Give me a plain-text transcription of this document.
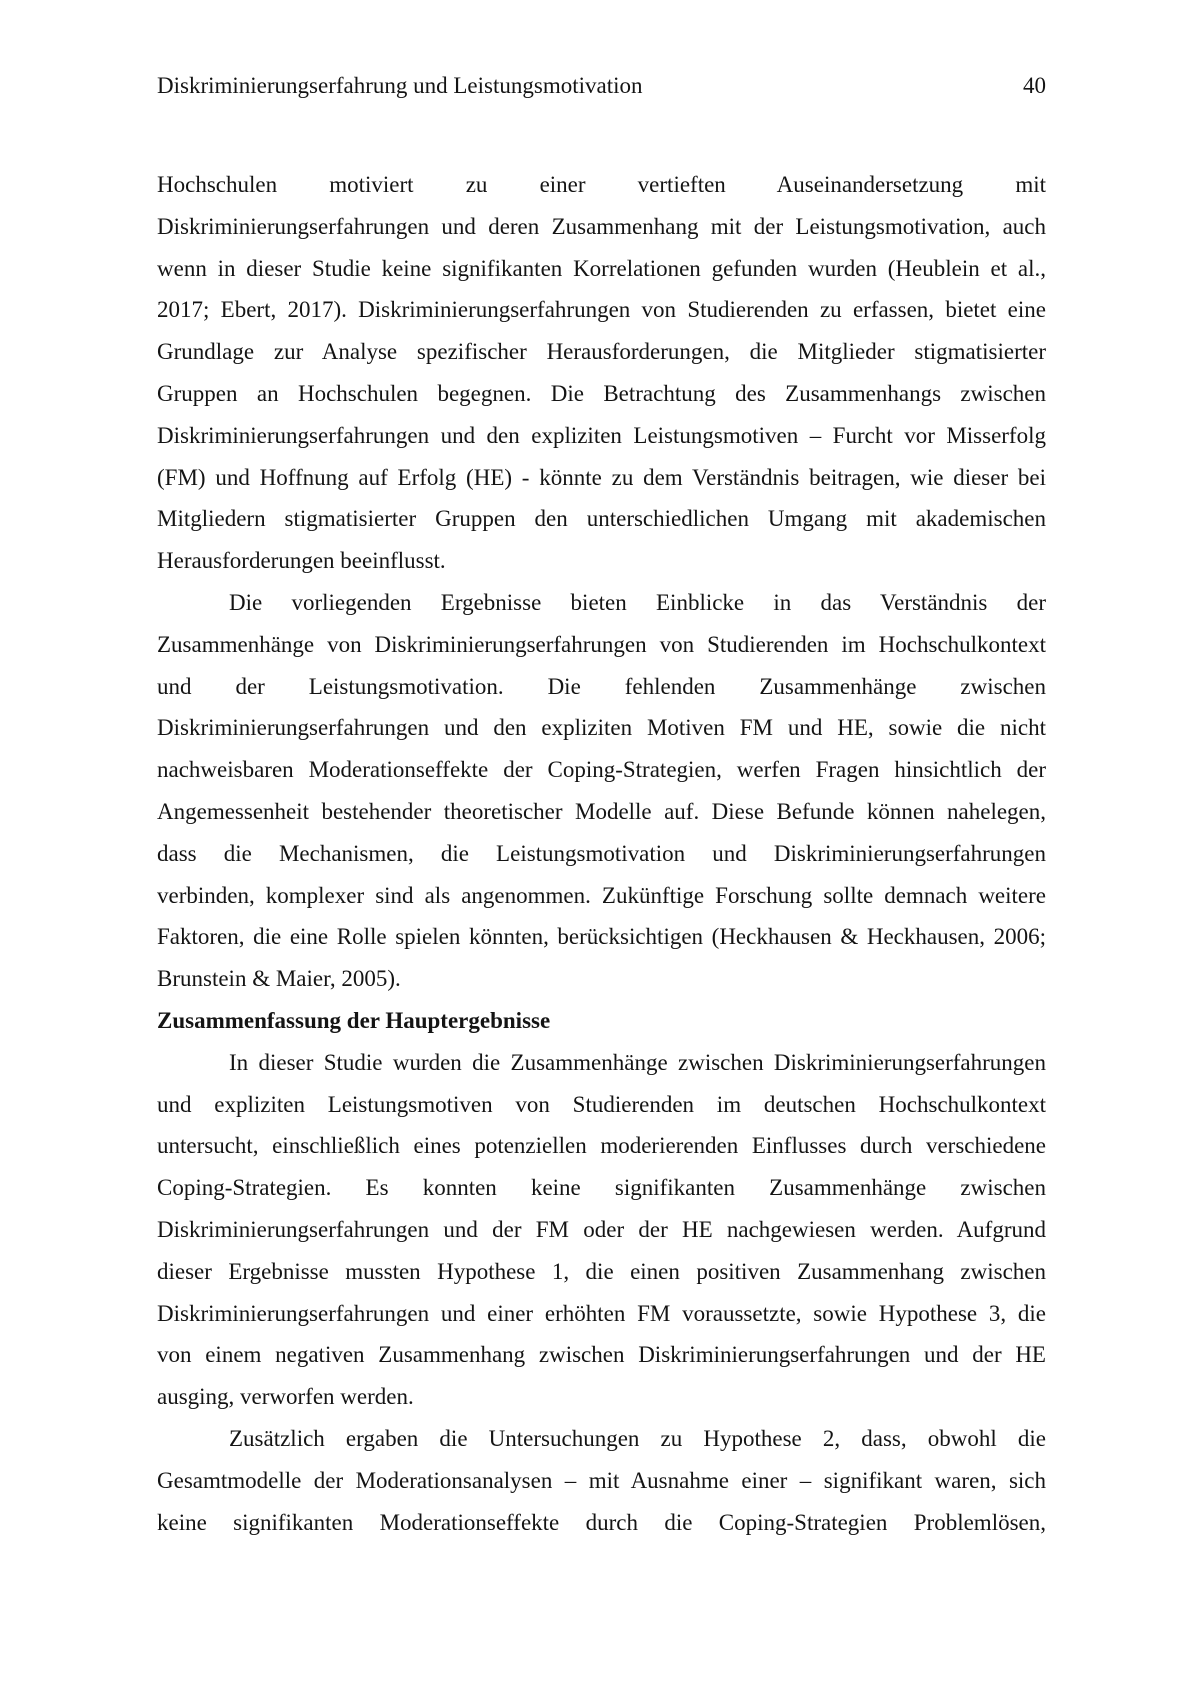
Diskriminierungserfahrung und Leistungsmotivation	40
Hochschulen motiviert zu einer vertieften Auseinandersetzung mit
Diskriminierungserfahrungen und deren Zusammenhang mit der Leistungsmotivation, auch
wenn in dieser Studie keine signifikanten Korrelationen gefunden wurden (Heublein et al.,
2017; Ebert, 2017). Diskriminierungserfahrungen von Studierenden zu erfassen, bietet eine
Grundlage zur Analyse spezifischer Herausforderungen, die Mitglieder stigmatisierter
Gruppen an Hochschulen begegnen. Die Betrachtung des Zusammenhangs zwischen
Diskriminierungserfahrungen und den expliziten Leistungsmotiven – Furcht vor Misserfolg
(FM) und Hoffnung auf Erfolg (HE) - könnte zu dem Verständnis beitragen, wie dieser bei
Mitgliedern stigmatisierter Gruppen den unterschiedlichen Umgang mit akademischen
Herausforderungen beeinflusst.
Die vorliegenden Ergebnisse bieten Einblicke in das Verständnis der
Zusammenhänge von Diskriminierungserfahrungen von Studierenden im Hochschulkontext
und der Leistungsmotivation. Die fehlenden Zusammenhänge zwischen
Diskriminierungserfahrungen und den expliziten Motiven FM und HE, sowie die nicht
nachweisbaren Moderationseffekte der Coping-Strategien, werfen Fragen hinsichtlich der
Angemessenheit bestehender theoretischer Modelle auf. Diese Befunde können nahelegen,
dass die Mechanismen, die Leistungsmotivation und Diskriminierungserfahrungen
verbinden, komplexer sind als angenommen. Zukünftige Forschung sollte demnach weitere
Faktoren, die eine Rolle spielen könnten, berücksichtigen (Heckhausen & Heckhausen, 2006;
Brunstein & Maier, 2005).
Zusammenfassung der Hauptergebnisse
In dieser Studie wurden die Zusammenhänge zwischen Diskriminierungserfahrungen
und expliziten Leistungsmotiven von Studierenden im deutschen Hochschulkontext
untersucht, einschließlich eines potenziellen moderierenden Einflusses durch verschiedene
Coping-Strategien. Es konnten keine signifikanten Zusammenhänge zwischen
Diskriminierungserfahrungen und der FM oder der HE nachgewiesen werden. Aufgrund
dieser Ergebnisse mussten Hypothese 1, die einen positiven Zusammenhang zwischen
Diskriminierungserfahrungen und einer erhöhten FM voraussetzte, sowie Hypothese 3, die
von einem negativen Zusammenhang zwischen Diskriminierungserfahrungen und der HE
ausging, verworfen werden.
Zusätzlich ergaben die Untersuchungen zu Hypothese 2, dass, obwohl die
Gesamtmodelle der Moderationsanalysen – mit Ausnahme einer – signifikant waren, sich
keine signifikanten Moderationseffekte durch die Coping-Strategien Problemlösen,
